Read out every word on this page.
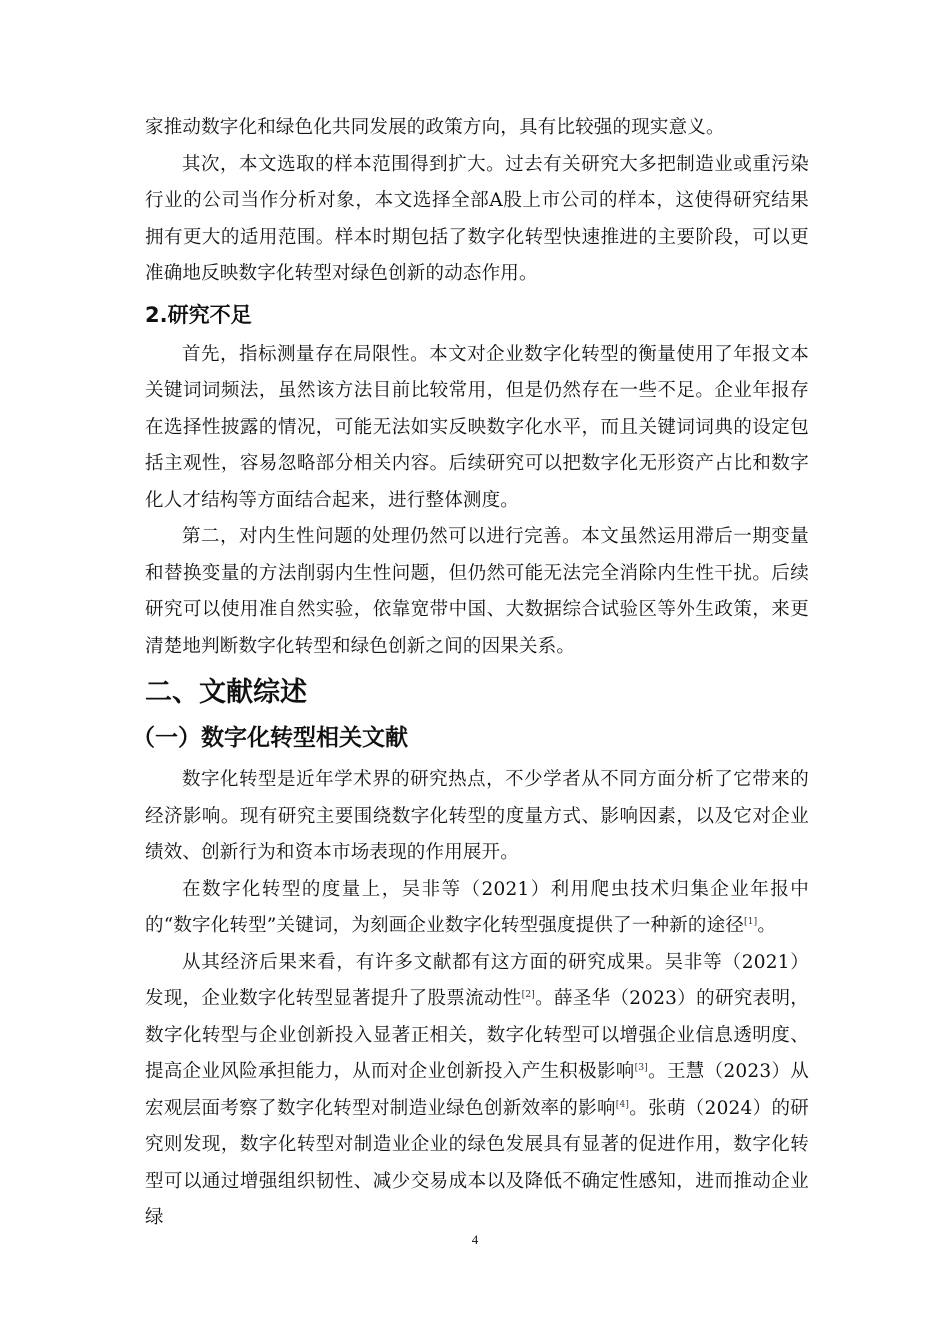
家推动数字化和绿色化共同发展的政策方向，具有比较强的现实意义。

其次，本文选取的样本范围得到扩大。过去有关研究大多把制造业或重污染行业的公司当作分析对象，本文选择全部A股上市公司的样本，这使得研究结果拥有更大的适用范围。样本时期包括了数字化转型快速推进的主要阶段，可以更准确地反映数字化转型对绿色创新的动态作用。

2.研究不足

首先，指标测量存在局限性。本文对企业数字化转型的衡量使用了年报文本关键词词频法，虽然该方法目前比较常用，但是仍然存在一些不足。企业年报存在选择性披露的情况，可能无法如实反映数字化水平，而且关键词词典的设定包括主观性，容易忽略部分相关内容。后续研究可以把数字化无形资产占比和数字化人才结构等方面结合起来，进行整体测度。

第二，对内生性问题的处理仍然可以进行完善。本文虽然运用滞后一期变量和替换变量的方法削弱内生性问题，但仍然可能无法完全消除内生性干扰。后续研究可以使用准自然实验，依靠宽带中国、大数据综合试验区等外生政策，来更清楚地判断数字化转型和绿色创新之间的因果关系。

二、文献综述
（一）数字化转型相关文献

数字化转型是近年学术界的研究热点，不少学者从不同方面分析了它带来的经济影响。现有研究主要围绕数字化转型的度量方式、影响因素，以及它对企业绩效、创新行为和资本市场表现的作用展开。

在数字化转型的度量上，吴非等（2021）利用爬虫技术归集企业年报中的“数字化转型”关键词，为刻画企业数字化转型强度提供了一种新的途径[1]。

从其经济后果来看，有许多文献都有这方面的研究成果。吴非等（2021）发现，企业数字化转型显著提升了股票流动性[2]。薛圣华（2023）的研究表明，数字化转型与企业创新投入显著正相关，数字化转型可以增强企业信息透明度、提高企业风险承担能力，从而对企业创新投入产生积极影响[3]。王慧（2023）从宏观层面考察了数字化转型对制造业绿色创新效率的影响[4]。张萌（2024）的研究则发现，数字化转型对制造业企业的绿色发展具有显著的促进作用，数字化转型可以通过增强组织韧性、减少交易成本以及降低不确定性感知，进而推动企业绿

4
